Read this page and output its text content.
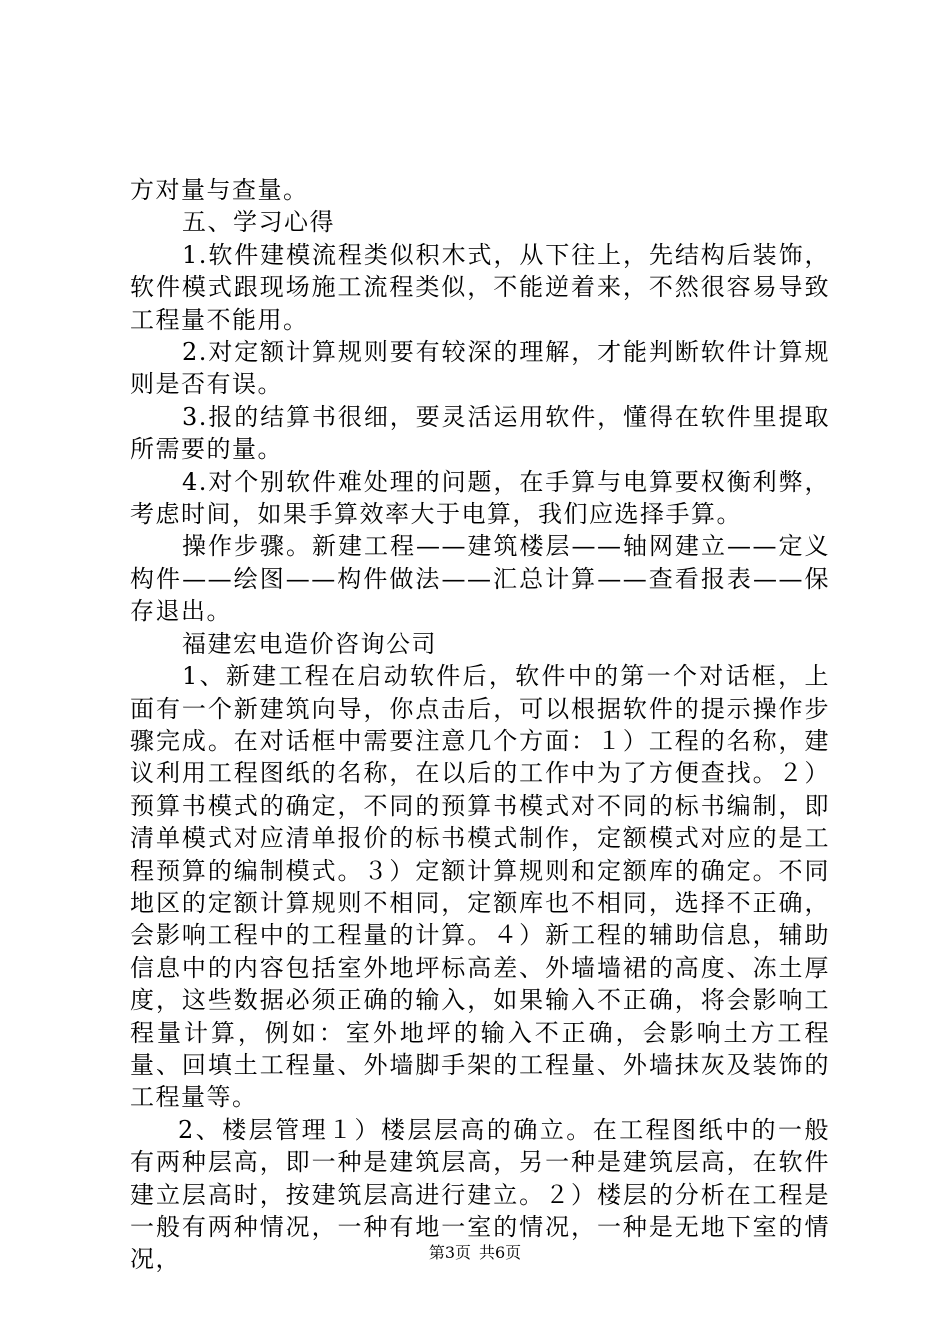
方对量与查量。

五、学习心得

1.软件建模流程类似积木式，从下往上，先结构后装饰，软件模式跟现场施工流程类似，不能逆着来，不然很容易导致工程量不能用。

2.对定额计算规则要有较深的理解，才能判断软件计算规则是否有误。

3.报的结算书很细，要灵活运用软件，懂得在软件里提取所需要的量。

4.对个别软件难处理的问题，在手算与电算要权衡利弊，考虑时间，如果手算效率大于电算，我们应选择手算。

操作步骤。新建工程——建筑楼层——轴网建立——定义构件——绘图——构件做法——汇总计算——查看报表——保存退出。

福建宏电造价咨询公司

1、新建工程在启动软件后，软件中的第一个对话框，上面有一个新建筑向导，你点击后，可以根据软件的提示操作步骤完成。在对话框中需要注意几个方面：１）工程的名称，建议利用工程图纸的名称，在以后的工作中为了方便查找。２）预算书模式的确定，不同的预算书模式对不同的标书编制，即清单模式对应清单报价的标书模式制作，定额模式对应的是工程预算的编制模式。３）定额计算规则和定额库的确定。不同地区的定额计算规则不相同，定额库也不相同，选择不正确，会影响工程中的工程量的计算。４）新工程的辅助信息，辅助信息中的内容包括室外地坪标高差、外墙墙裙的高度、冻土厚度，这些数据必须正确的输入，如果输入不正确，将会影响工程量计算，例如：室外地坪的输入不正确，会影响土方工程量、回填土工程量、外墙脚手架的工程量、外墙抹灰及装饰的工程量等。

2、楼层管理１）楼层层高的确立。在工程图纸中的一般有两种层高，即一种是建筑层高，另一种是建筑层高，在软件建立层高时，按建筑层高进行建立。２）楼层的分析在工程是一般有两种情况，一种有地一室的情况，一种是无地下室的情况，	第3页 共6页
